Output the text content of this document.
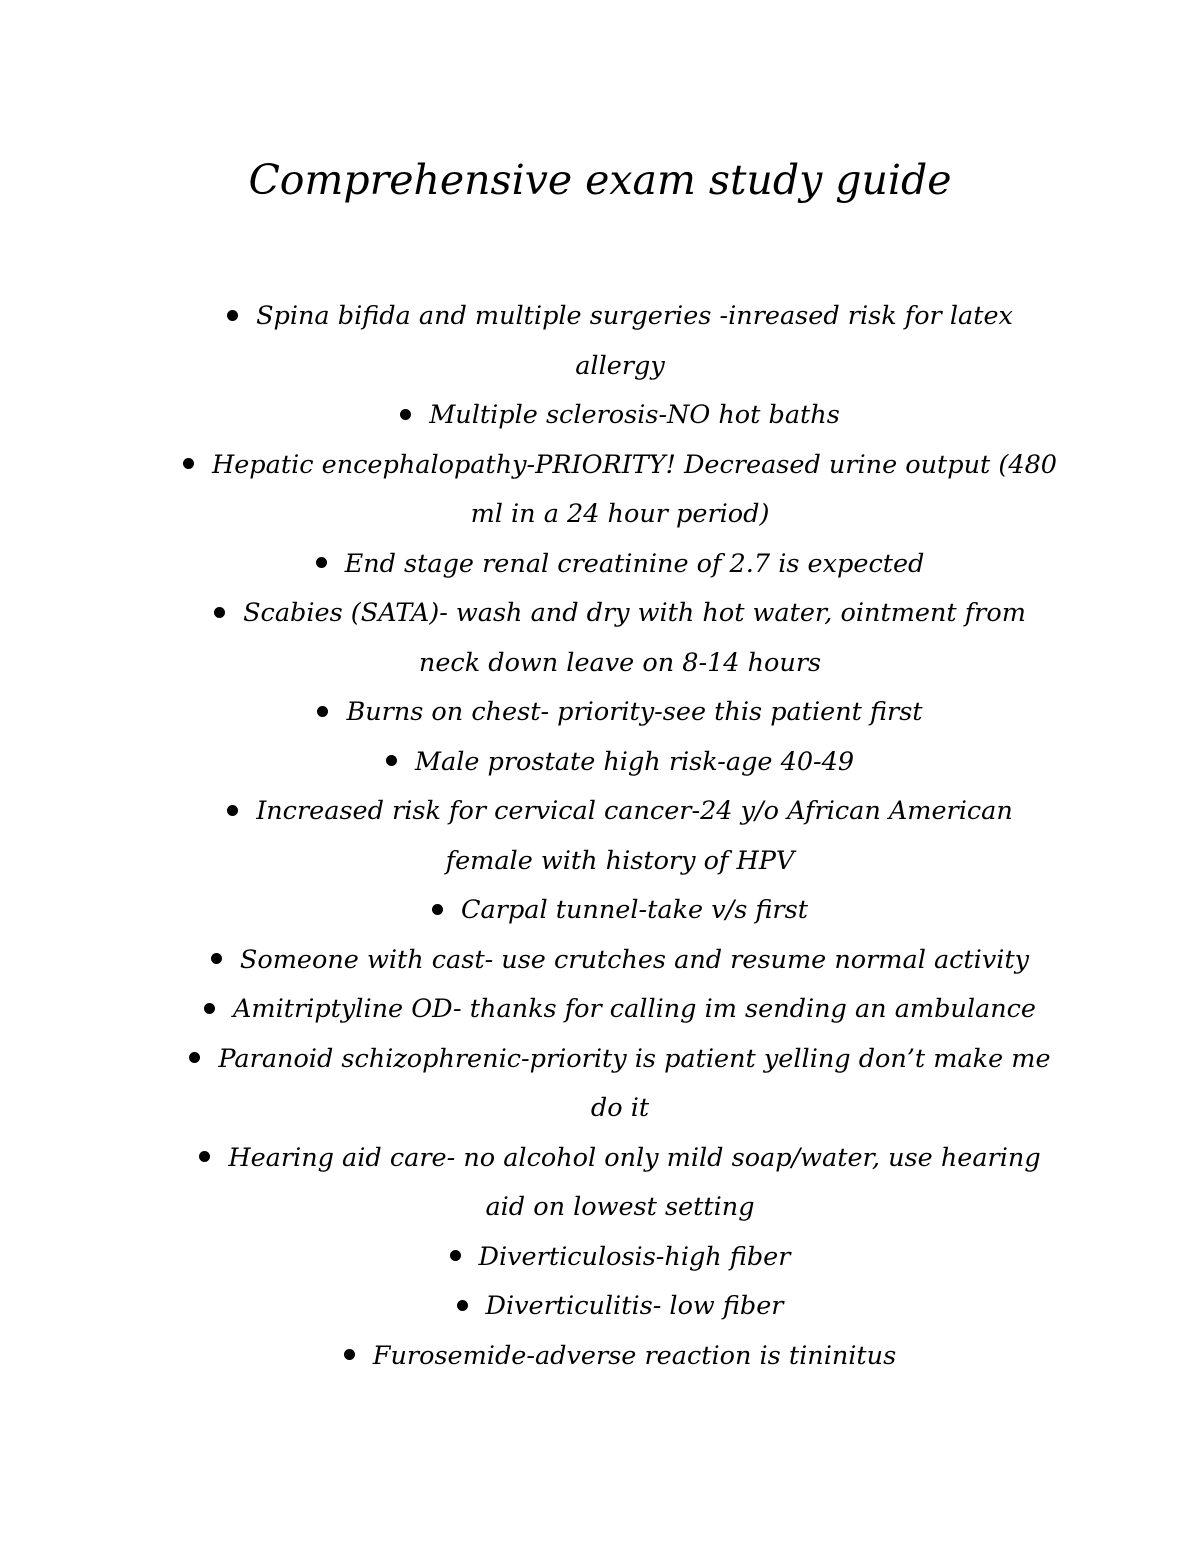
Comprehensive exam study guide
Spina bifida and multiple surgeries -inreased risk for latex allergy
Multiple sclerosis-NO hot baths
Hepatic encephalopathy-PRIORITY! Decreased urine output (480 ml in a 24 hour period)
End stage renal creatinine of 2.7 is expected
Scabies (SATA)- wash and dry with hot water, ointment from neck down leave on 8-14 hours
Burns on chest- priority-see this patient first
Male prostate high risk-age 40-49
Increased risk for cervical cancer-24 y/o African American female with history of HPV
Carpal tunnel-take v/s first
Someone with cast- use crutches and resume normal activity
Amitriptyline OD- thanks for calling im sending an ambulance
Paranoid schizophrenic-priority is patient yelling don’t make me do it
Hearing aid care- no alcohol only mild soap/water, use hearing aid on lowest setting
Diverticulosis-high fiber
Diverticulitis- low fiber
Furosemide-adverse reaction is tininitus
